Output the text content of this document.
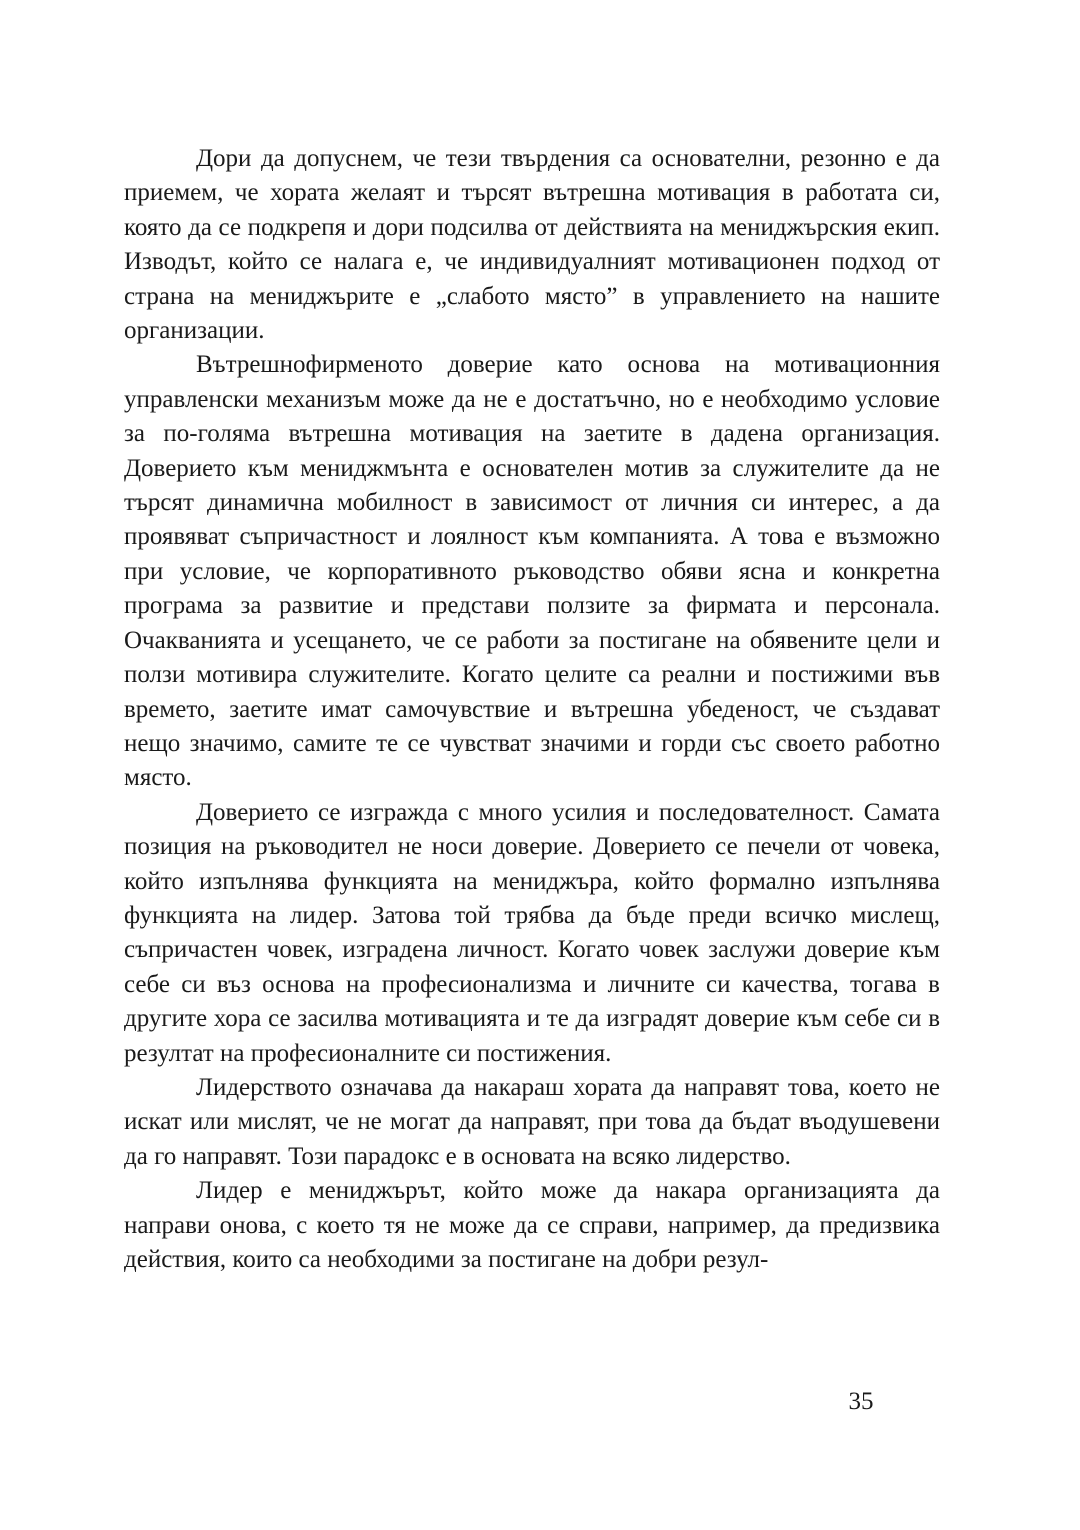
Дори да допуснем, че тези твърдения са основателни, резонно е да приемем, че хората желаят и търсят вътрешна мотивация в работата си, която да се подкрепя и дори подсилва от действията на мениджърския екип. Изводът, който се налага е, че индивидуалният мотивационен подход от страна на мениджърите е „слабото място” в управлението на нашите организации.

Вътрешнофирменото доверие като основа на мотивационния управленски механизъм може да не е достатъчно, но е необходимо условие за по-голяма вътрешна мотивация на заетите в дадена организация. Доверието към мениджмънта е основателен мотив за служителите да не търсят динамична мобилност в зависимост от личния си интерес, а да проявяват съпричастност и лоялност към компанията. А това е възможно при условие, че корпоративното ръководство обяви ясна и конкретна програма за развитие и представи ползите за фирмата и персонала. Очакванията и усещането, че се работи за постигане на обявените цели и ползи мотивира служителите. Когато целите са реални и постижими във времето, заетите имат самочувствие и вътрешна убеденост, че създават нещо значимо, самите те се чувстват значими и горди със своето работно място.

Доверието се изгражда с много усилия и последователност. Самата позиция на ръководител не носи доверие. Доверието се печели от човека, който изпълнява функцията на мениджъра, който формално изпълнява функцията на лидер. Затова той трябва да бъде преди всичко мислещ, съпричастен човек, изградена личност. Когато човек заслужи доверие към себе си въз основа на професионализма и личните си качества, тогава в другите хора се засилва мотивацията и те да изградят доверие към себе си в резултат на професионалните си постижения.

Лидерството означава да накараш хората да направят това, което не искат или мислят, че не могат да направят, при това да бъдат въодушевени да го направят. Този парадокс е в основата на всяко лидерство.

Лидер е мениджърът, който може да накара организацията да направи онова, с което тя не може да се справи, например, да предизвика действия, които са необходими за постигане на добри резул-

35
